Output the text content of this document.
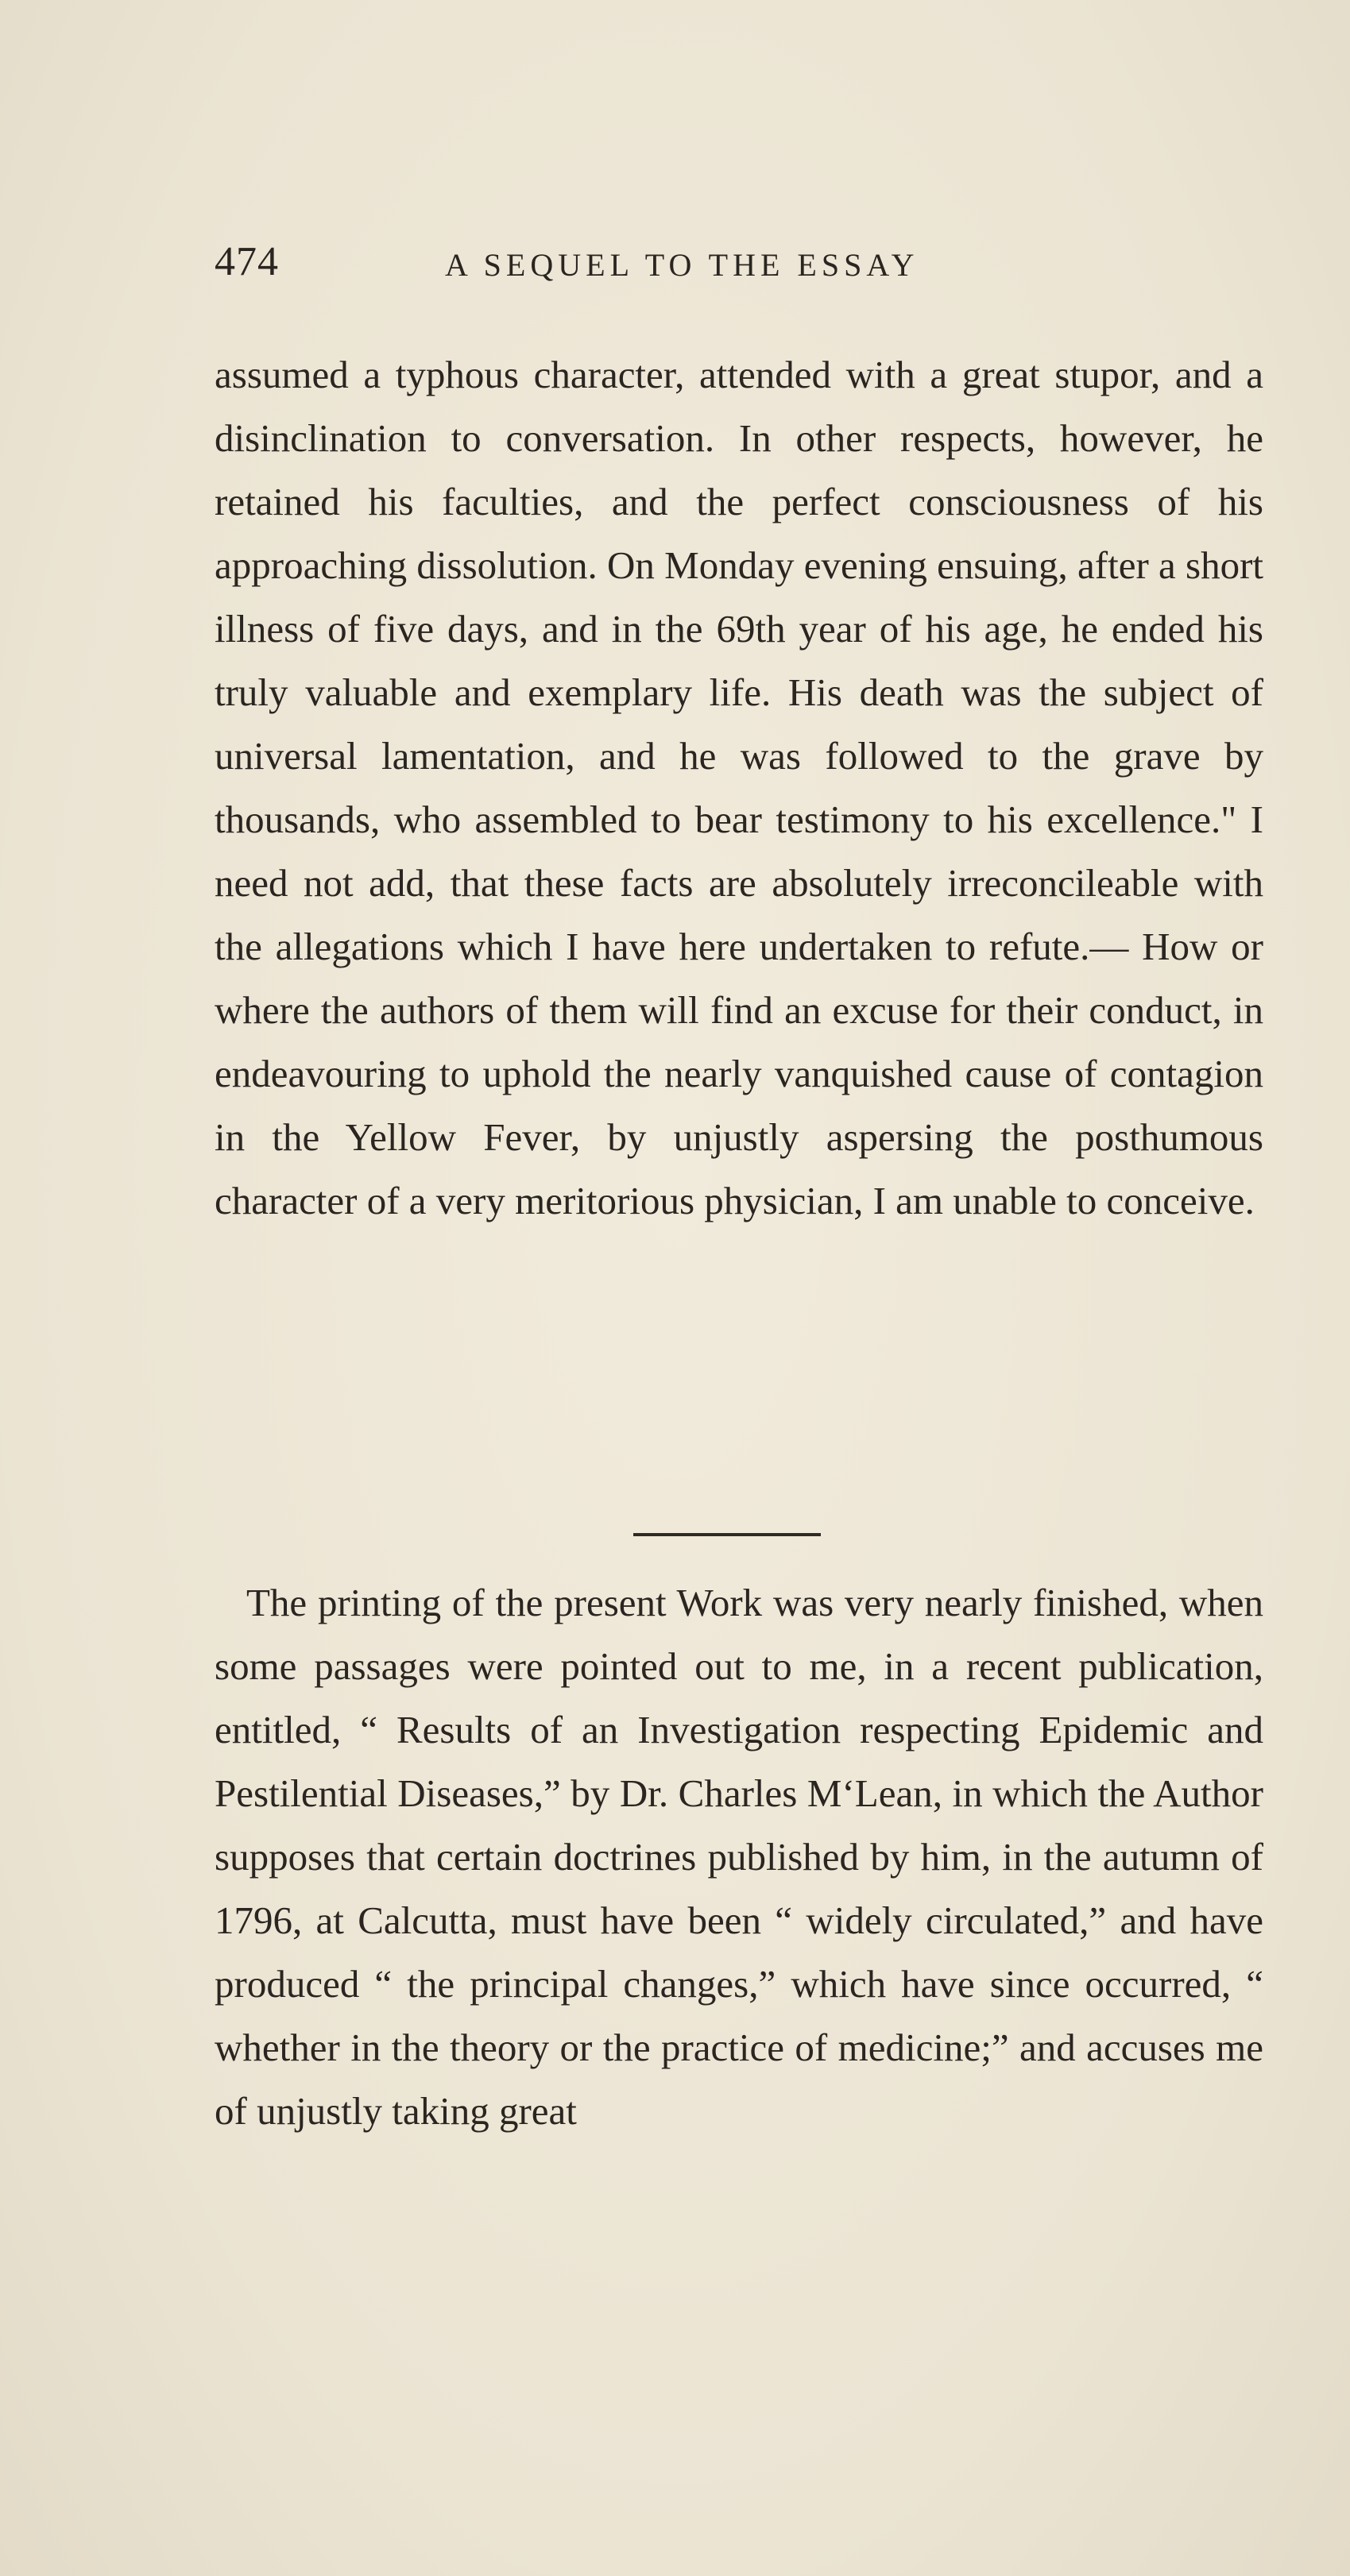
474	A SEQUEL TO THE ESSAY

assumed a typhous character, attended with a great stupor, and a disinclination to conversation. In other respects, however, he retained his faculties, and the perfect consciousness of his approaching dissolution. On Monday evening ensuing, after a short illness of five days, and in the 69th year of his age, he ended his truly valuable and exemplary life. His death was the subject of universal lamentation, and he was followed to the grave by thousands, who assembled to bear testimony to his excellence." I need not add, that these facts are absolutely irreconcileable with the allegations which I have here undertaken to refute.— How or where the authors of them will find an excuse for their conduct, in endeavouring to uphold the nearly vanquished cause of contagion in the Yellow Fever, by unjustly aspersing the posthumous character of a very meritorious physician, I am unable to conceive.

The printing of the present Work was very nearly finished, when some passages were pointed out to me, in a recent publication, entitled, “ Results of an Investigation respecting Epidemic and Pestilential Diseases,” by Dr. Charles MʻLean, in which the Author supposes that certain doctrines published by him, in the autumn of 1796, at Calcutta, must have been “ widely circulated,” and have produced “ the principal changes,” which have since occurred, “ whether in the theory or the practice of medicine;” and accuses me of unjustly taking great
